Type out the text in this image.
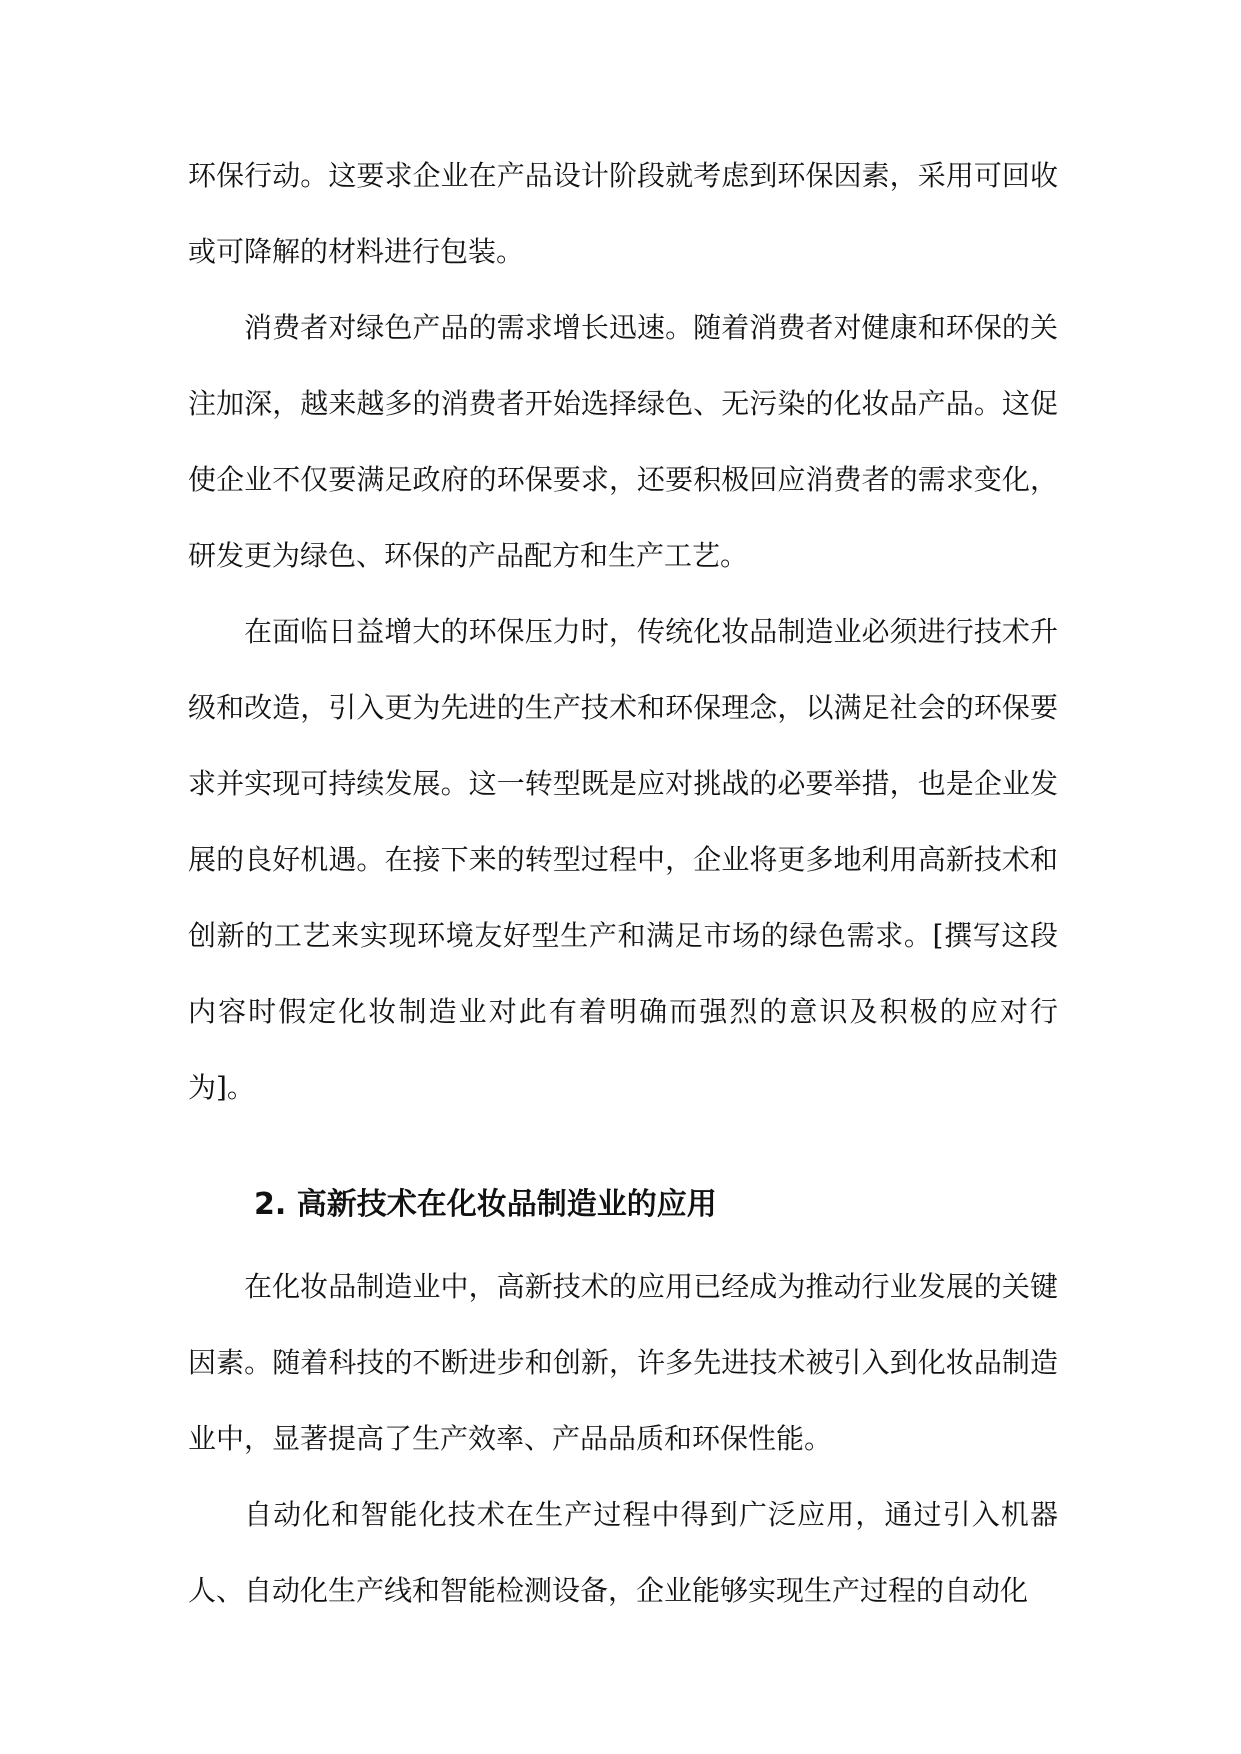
环保行动。这要求企业在产品设计阶段就考虑到环保因素，采用可回收或可降解的材料进行包装。

消费者对绿色产品的需求增长迅速。随着消费者对健康和环保的关注加深，越来越多的消费者开始选择绿色、无污染的化妆品产品。这促使企业不仅要满足政府的环保要求，还要积极回应消费者的需求变化，研发更为绿色、环保的产品配方和生产工艺。

在面临日益增大的环保压力时，传统化妆品制造业必须进行技术升级和改造，引入更为先进的生产技术和环保理念，以满足社会的环保要求并实现可持续发展。这一转型既是应对挑战的必要举措，也是企业发展的良好机遇。在接下来的转型过程中，企业将更多地利用高新技术和创新的工艺来实现环境友好型生产和满足市场的绿色需求。[撰写这段内容时假定化妆制造业对此有着明确而强烈的意识及积极的应对行为]。

2. 高新技术在化妆品制造业的应用

在化妆品制造业中，高新技术的应用已经成为推动行业发展的关键因素。随着科技的不断进步和创新，许多先进技术被引入到化妆品制造业中，显著提高了生产效率、产品品质和环保性能。

自动化和智能化技术在生产过程中得到广泛应用，通过引入机器人、自动化生产线和智能检测设备，企业能够实现生产过程的自动化
